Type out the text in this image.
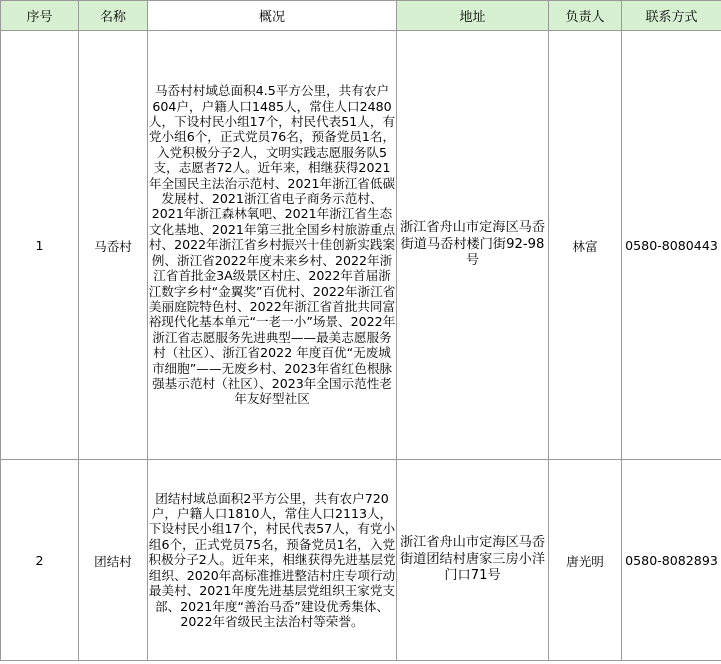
序号	名称	概况	地址	负责人	联系方式
1	马岙村	马岙村村域总面积4.5平方公里，共有农户604户，户籍人口1485人，常住人口2480人，下设村民小组17个，村民代表51人，有党小组6个，正式党员76名，预备党员1名，入党积极分子2人，文明实践志愿服务队5支，志愿者72人。近年来，相继获得2021年全国民主法治示范村、2021年浙江省低碳发展村、2021浙江省电子商务示范村、2021年浙江森林氧吧、2021年浙江省生态文化基地、2021年第三批全国乡村旅游重点村、2022年浙江省乡村振兴十佳创新实践案例、浙江省2022年度未来乡村、2022年浙江省首批金3A级景区村庄、2022年首届浙江数字乡村“金翼奖”百优村、2022年浙江省美丽庭院特色村、2022年浙江省首批共同富裕现代化基本单元“一老一小”场景、2022年浙江省志愿服务先进典型——最美志愿服务村（社区）、浙江省2022 年度百优“无废城市细胞”——无废乡村、2023年省红色根脉强基示范村（社区）、2023年全国示范性老年友好型社区	浙江省舟山市定海区马岙街道马岙村楼门街92-98号	林富	0580-8080443
2	团结村	团结村域总面积2平方公里，共有农户720户，户籍人口1810人，常住人口2113人，下设村民小组17个，村民代表57人，有党小组6个，正式党员75名，预备党员1名，入党积极分子2人。近年来，相继获得先进基层党组织、2020年高标准推进整洁村庄专项行动最美村、2021年度先进基层党组织王家党支部、2021年度“善治马岙”建设优秀集体、2022年省级民主法治村等荣誉。	浙江省舟山市定海区马岙街道团结村唐家三房小洋门口71号	唐光明	0580-8082893
